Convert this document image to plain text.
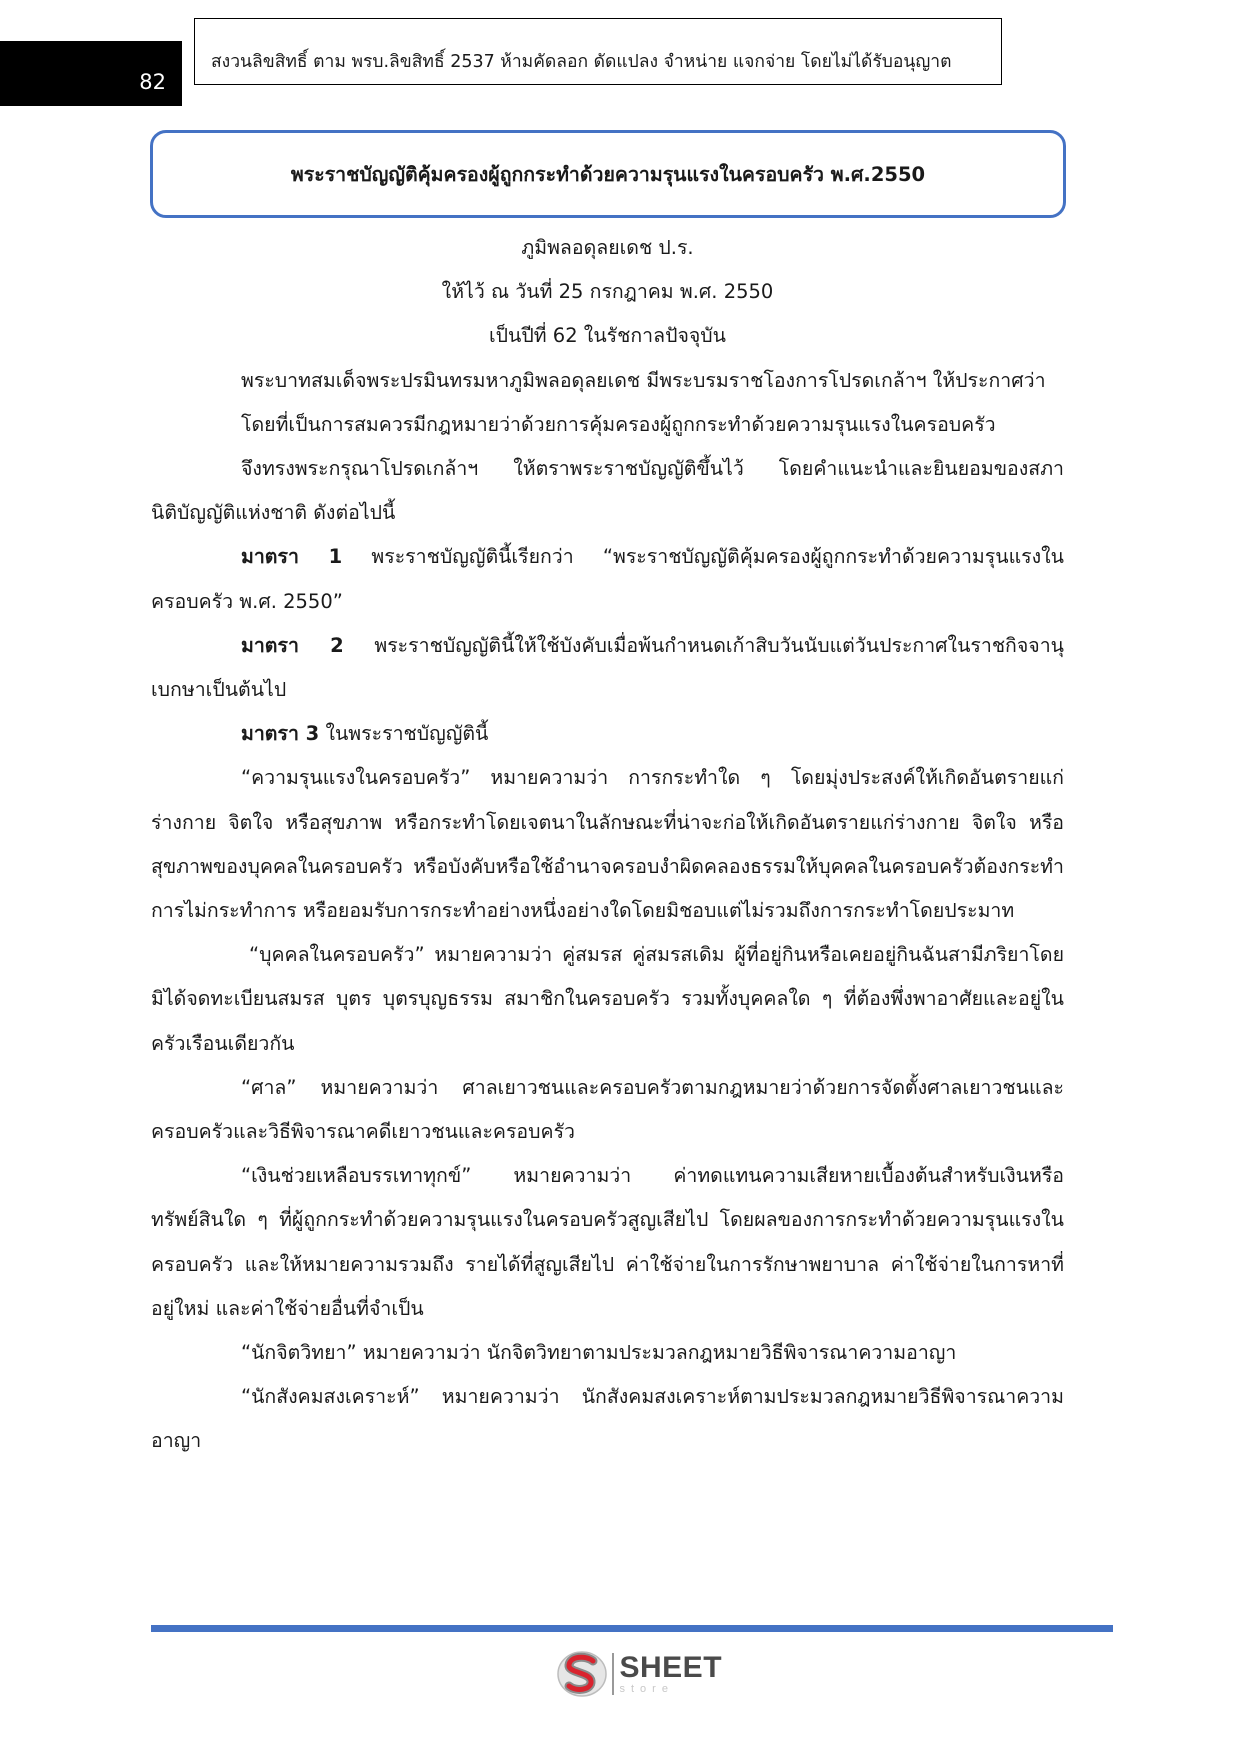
82
สงวนลิขสิทธิ์ ตาม พรบ.ลิขสิทธิ์ 2537 ห้ามคัดลอก ดัดแปลง จำหน่าย แจกจ่าย โดยไม่ได้รับอนุญาต
พระราชบัญญัติคุ้มครองผู้ถูกกระทำด้วยความรุนแรงในครอบครัว พ.ศ.2550

ภูมิพลอดุลยเดช ป.ร.

ให้ไว้ ณ วันที่ 25 กรกฎาคม พ.ศ. 2550

เป็นปีที่ 62 ในรัชกาลปัจจุบัน

พระบาทสมเด็จพระปรมินทรมหาภูมิพลอดุลยเดช มีพระบรมราชโองการโปรดเกล้าฯ ให้ประกาศว่า

โดยที่เป็นการสมควรมีกฎหมายว่าด้วยการคุ้มครองผู้ถูกกระทำด้วยความรุนแรงในครอบครัว

จึงทรงพระกรุณาโปรดเกล้าฯ ให้ตราพระราชบัญญัติขึ้นไว้ โดยคำแนะนำและยินยอมของสภานิติบัญญัติแห่งชาติ ดังต่อไปนี้

มาตรา 1 พระราชบัญญัตินี้เรียกว่า “พระราชบัญญัติคุ้มครองผู้ถูกกระทำด้วยความรุนแรงในครอบครัว พ.ศ. 2550”

มาตรา 2 พระราชบัญญัตินี้ให้ใช้บังคับเมื่อพ้นกำหนดเก้าสิบวันนับแต่วันประกาศในราชกิจจานุเบกษาเป็นต้นไป

มาตรา 3 ในพระราชบัญญัตินี้

“ความรุนแรงในครอบครัว” หมายความว่า การกระทำใด ๆ โดยมุ่งประสงค์ให้เกิดอันตรายแก่ร่างกาย จิตใจ หรือสุขภาพ หรือกระทำโดยเจตนาในลักษณะที่น่าจะก่อให้เกิดอันตรายแก่ร่างกาย จิตใจ หรือสุขภาพของบุคคลในครอบครัว หรือบังคับหรือใช้อำนาจครอบงำผิดคลองธรรมให้บุคคลในครอบครัวต้องกระทำการไม่กระทำการ หรือยอมรับการกระทำอย่างหนึ่งอย่างใดโดยมิชอบแต่ไม่รวมถึงการกระทำโดยประมาท

“บุคคลในครอบครัว” หมายความว่า คู่สมรส คู่สมรสเดิม ผู้ที่อยู่กินหรือเคยอยู่กินฉันสามีภริยาโดยมิได้จดทะเบียนสมรส บุตร บุตรบุญธรรม สมาชิกในครอบครัว รวมทั้งบุคคลใด ๆ ที่ต้องพึ่งพาอาศัยและอยู่ในครัวเรือนเดียวกัน

“ศาล” หมายความว่า ศาลเยาวชนและครอบครัวตามกฎหมายว่าด้วยการจัดตั้งศาลเยาวชนและครอบครัวและวิธีพิจารณาคดีเยาวชนและครอบครัว

“เงินช่วยเหลือบรรเทาทุกข์” หมายความว่า ค่าทดแทนความเสียหายเบื้องต้นสำหรับเงินหรือทรัพย์สินใด ๆ ที่ผู้ถูกกระทำด้วยความรุนแรงในครอบครัวสูญเสียไป โดยผลของการกระทำด้วยความรุนแรงในครอบครัว และให้หมายความรวมถึง รายได้ที่สูญเสียไป ค่าใช้จ่ายในการรักษาพยาบาล ค่าใช้จ่ายในการหาที่อยู่ใหม่ และค่าใช้จ่ายอื่นที่จำเป็น

“นักจิตวิทยา” หมายความว่า นักจิตวิทยาตามประมวลกฎหมายวิธีพิจารณาความอาญา

“นักสังคมสงเคราะห์” หมายความว่า นักสังคมสงเคราะห์ตามประมวลกฎหมายวิธีพิจารณาความอาญา

SHEET
store
